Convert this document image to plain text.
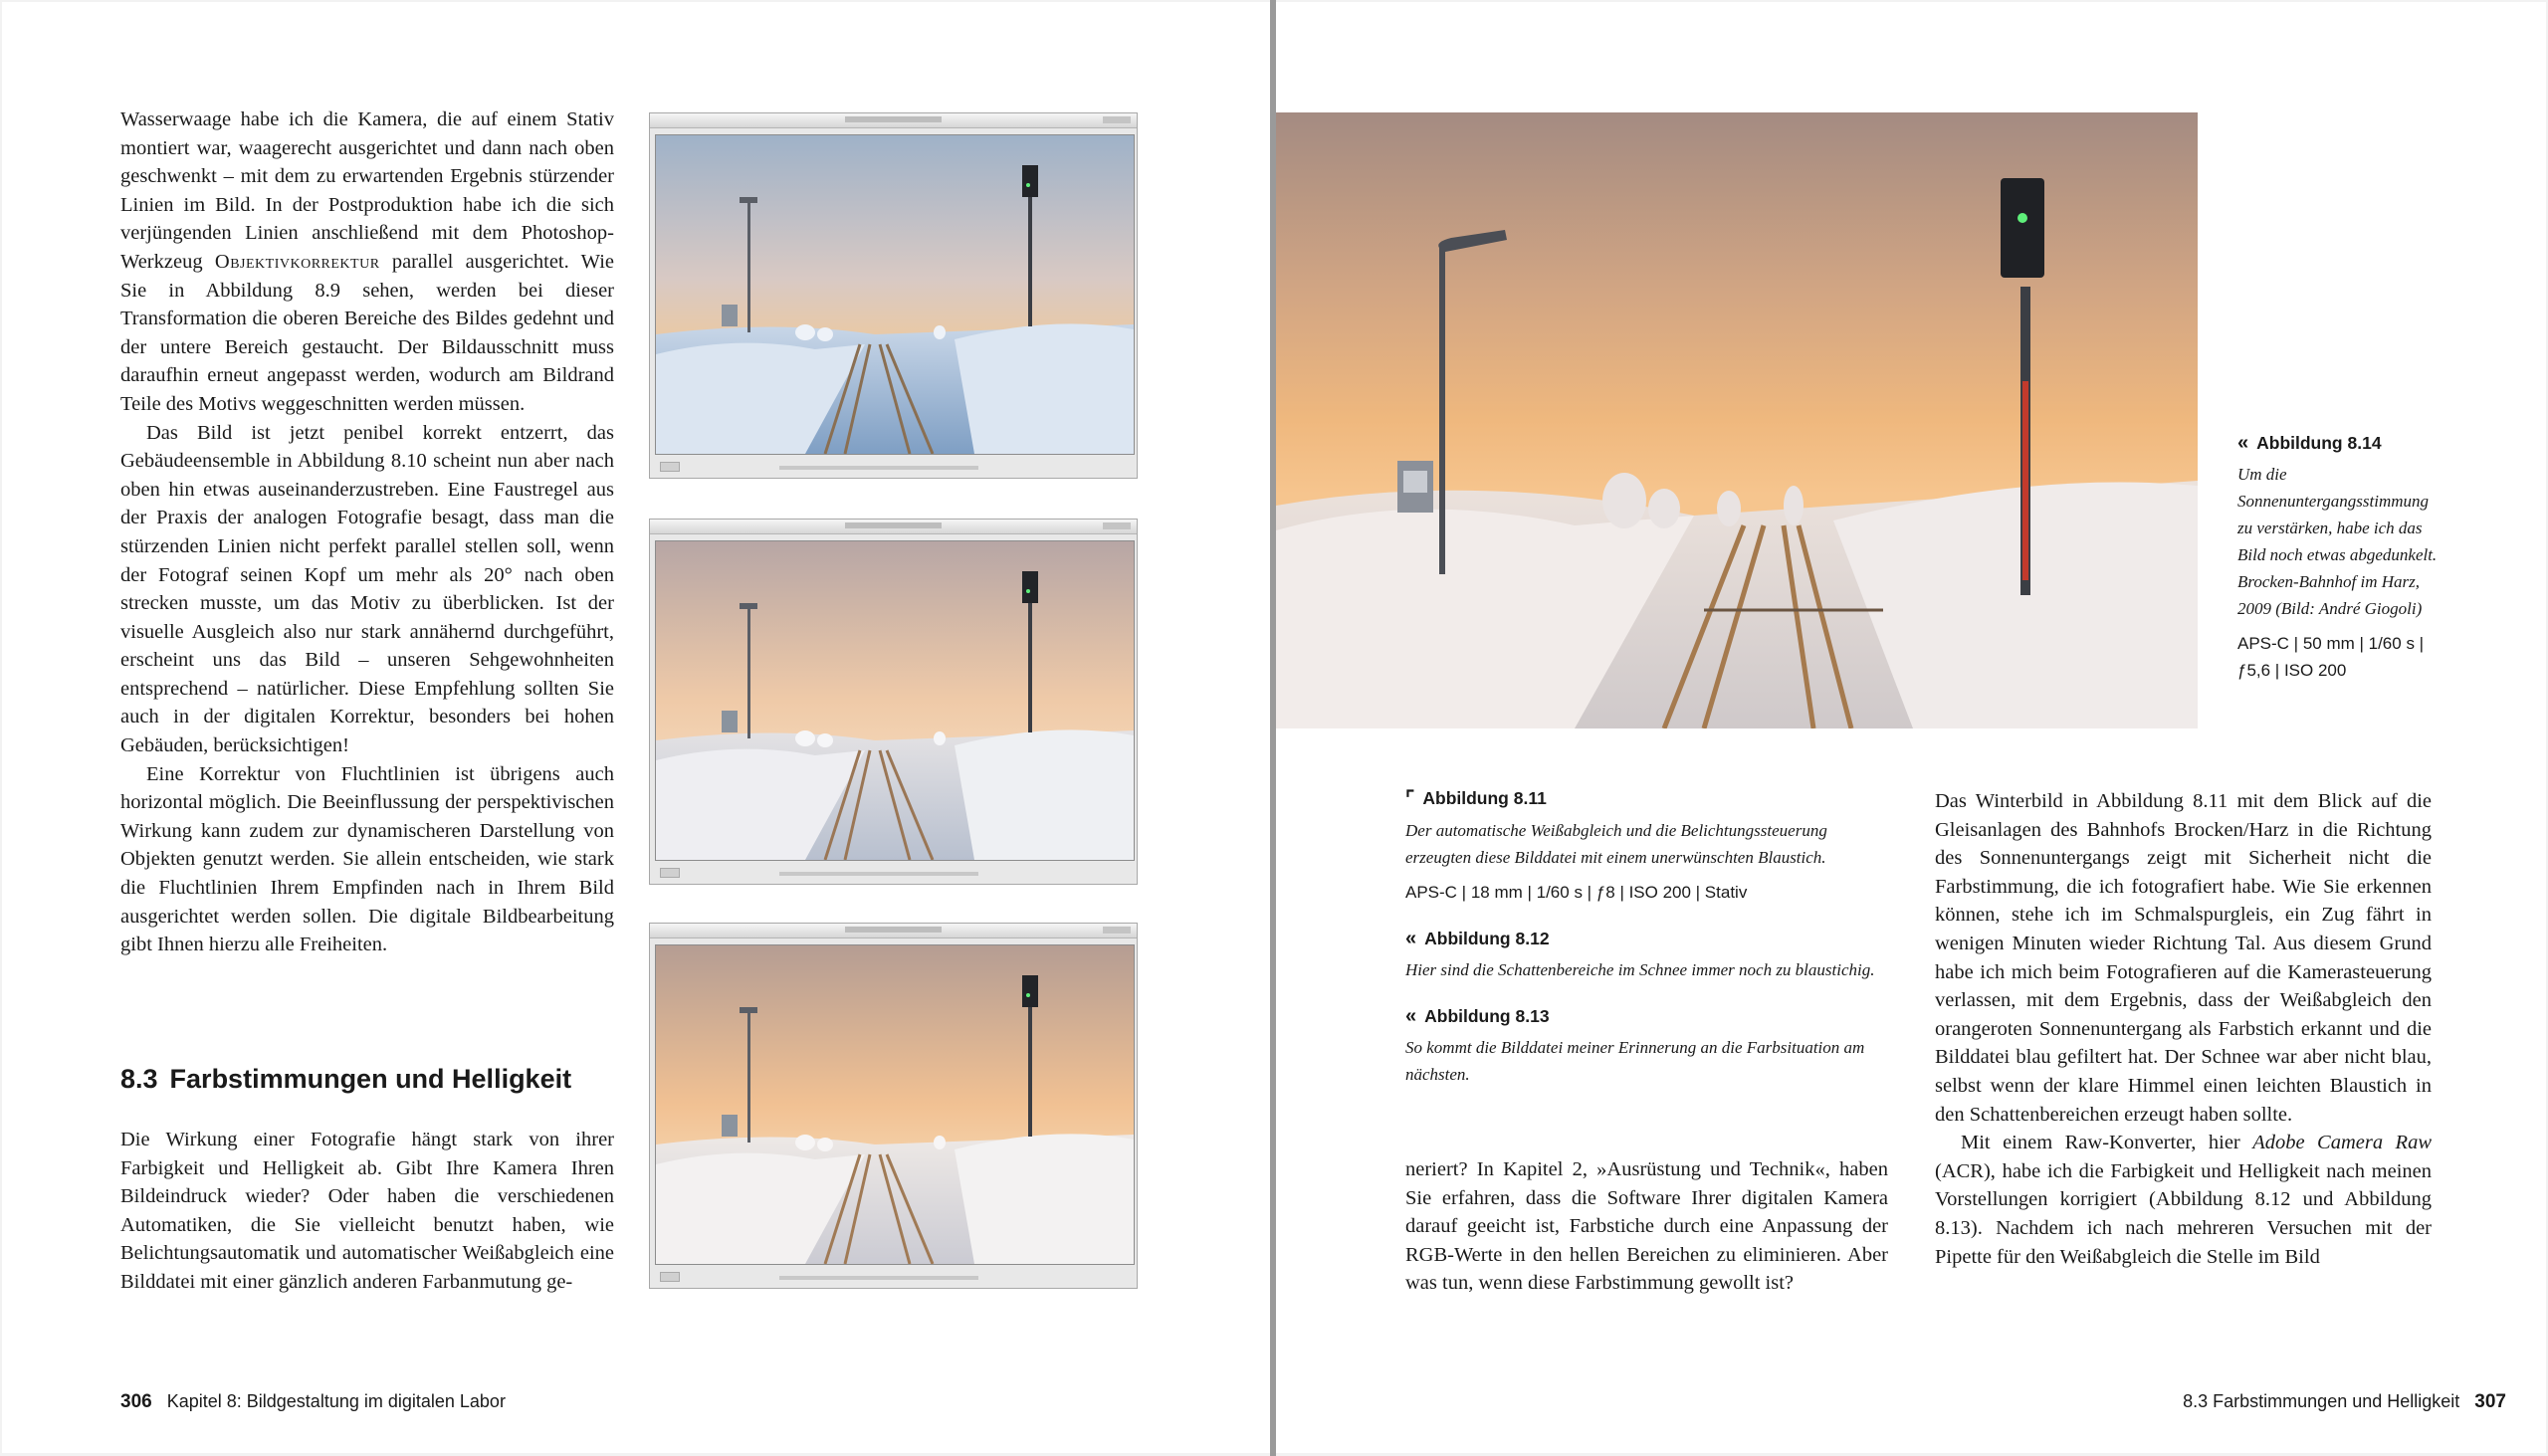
Wasserwaage habe ich die Kamera, die auf einem Stativ montiert war, waagerecht ausgerichtet und dann nach oben geschwenkt – mit dem zu erwartenden Ergebnis stürzender Linien im Bild. In der Postproduktion habe ich die sich verjüngenden Linien anschließend mit dem Photoshop-Werkzeug Objektivkorrektur parallel ausgerichtet. Wie Sie in Abbildung 8.9 sehen, werden bei dieser Transformation die oberen Bereiche des Bildes gedehnt und der untere Bereich gestaucht. Der Bildausschnitt muss daraufhin erneut angepasst werden, wodurch am Bildrand Teile des Motivs weggeschnitten werden müssen.

Das Bild ist jetzt penibel korrekt entzerrt, das Gebäudeensemble in Abbildung 8.10 scheint nun aber nach oben hin etwas auseinanderzustreben. Eine Faustregel aus der Praxis der analogen Fotografie besagt, dass man die stürzenden Linien nicht perfekt parallel stellen soll, wenn der Fotograf seinen Kopf um mehr als 20° nach oben strecken musste, um das Motiv zu überblicken. Ist der visuelle Ausgleich also nur stark annähernd durchgeführt, erscheint uns das Bild – unseren Sehgewohnheiten entsprechend – natürlicher. Diese Empfehlung sollten Sie auch in der digitalen Korrektur, besonders bei hohen Gebäuden, berücksichtigen!

Eine Korrektur von Fluchtlinien ist übrigens auch horizontal möglich. Die Beeinflussung der perspektivischen Wirkung kann zudem zur dynamischeren Darstellung von Objekten genutzt werden. Sie allein entscheiden, wie stark die Fluchtlinien Ihrem Empfinden nach in Ihrem Bild ausgerichtet werden sollen. Die digitale Bildbearbeitung gibt Ihnen hierzu alle Freiheiten.

8.3 Farbstimmungen und Helligkeit

Die Wirkung einer Fotografie hängt stark von ihrer Farbigkeit und Helligkeit ab. Gibt Ihre Kamera Ihren Bildeindruck wieder? Oder haben die verschiedenen Automatiken, die Sie vielleicht benutzt haben, wie Belichtungsautomatik und automatischer Weißabgleich eine Bilddatei mit einer gänzlich anderen Farbanmutung ge-

306 Kapitel 8: Bildgestaltung im digitalen Labor

« Abbildung 8.14

Um die Sonnenuntergangsstimmung zu verstärken, habe ich das Bild noch etwas abgedunkelt. Brocken-Bahnhof im Harz, 2009 (Bild: André Giogoli)

APS-C | 50 mm | 1/60 s | ƒ5,6 | ISO 200

⌜ Abbildung 8.11

Der automatische Weißabgleich und die Belichtungssteuerung erzeugten diese Bilddatei mit einem unerwünschten Blaustich.

APS-C | 18 mm | 1/60 s | ƒ8 | ISO 200 | Stativ

« Abbildung 8.12

Hier sind die Schattenbereiche im Schnee immer noch zu blaustichig.

« Abbildung 8.13

So kommt die Bilddatei meiner Erinnerung an die Farbsituation am nächsten.

neriert? In Kapitel 2, »Ausrüstung und Technik«, haben Sie erfahren, dass die Software Ihrer digitalen Kamera darauf geeicht ist, Farbstiche durch eine Anpassung der RGB-Werte in den hellen Bereichen zu eliminieren. Aber was tun, wenn diese Farbstimmung gewollt ist?

Das Winterbild in Abbildung 8.11 mit dem Blick auf die Gleisanlagen des Bahnhofs Brocken/Harz in die Richtung des Sonnenuntergangs zeigt mit Sicherheit nicht die Farbstimmung, die ich fotografiert habe. Wie Sie erkennen können, stehe ich im Schmalspurgleis, ein Zug fährt in wenigen Minuten wieder Richtung Tal. Aus diesem Grund habe ich mich beim Fotografieren auf die Kamerasteuerung verlassen, mit dem Ergebnis, dass der Weißabgleich den orangeroten Sonnenuntergang als Farbstich erkannt und die Bilddatei blau gefiltert hat. Der Schnee war aber nicht blau, selbst wenn der klare Himmel einen leichten Blaustich in den Schattenbereichen erzeugt haben sollte.

Mit einem Raw-Konverter, hier Adobe Camera Raw (ACR), habe ich die Farbigkeit und Helligkeit nach meinen Vorstellungen korrigiert (Abbildung 8.12 und Abbildung 8.13). Nachdem ich nach mehreren Versuchen mit der Pipette für den Weißabgleich die Stelle im Bild

8.3 Farbstimmungen und Helligkeit 307
